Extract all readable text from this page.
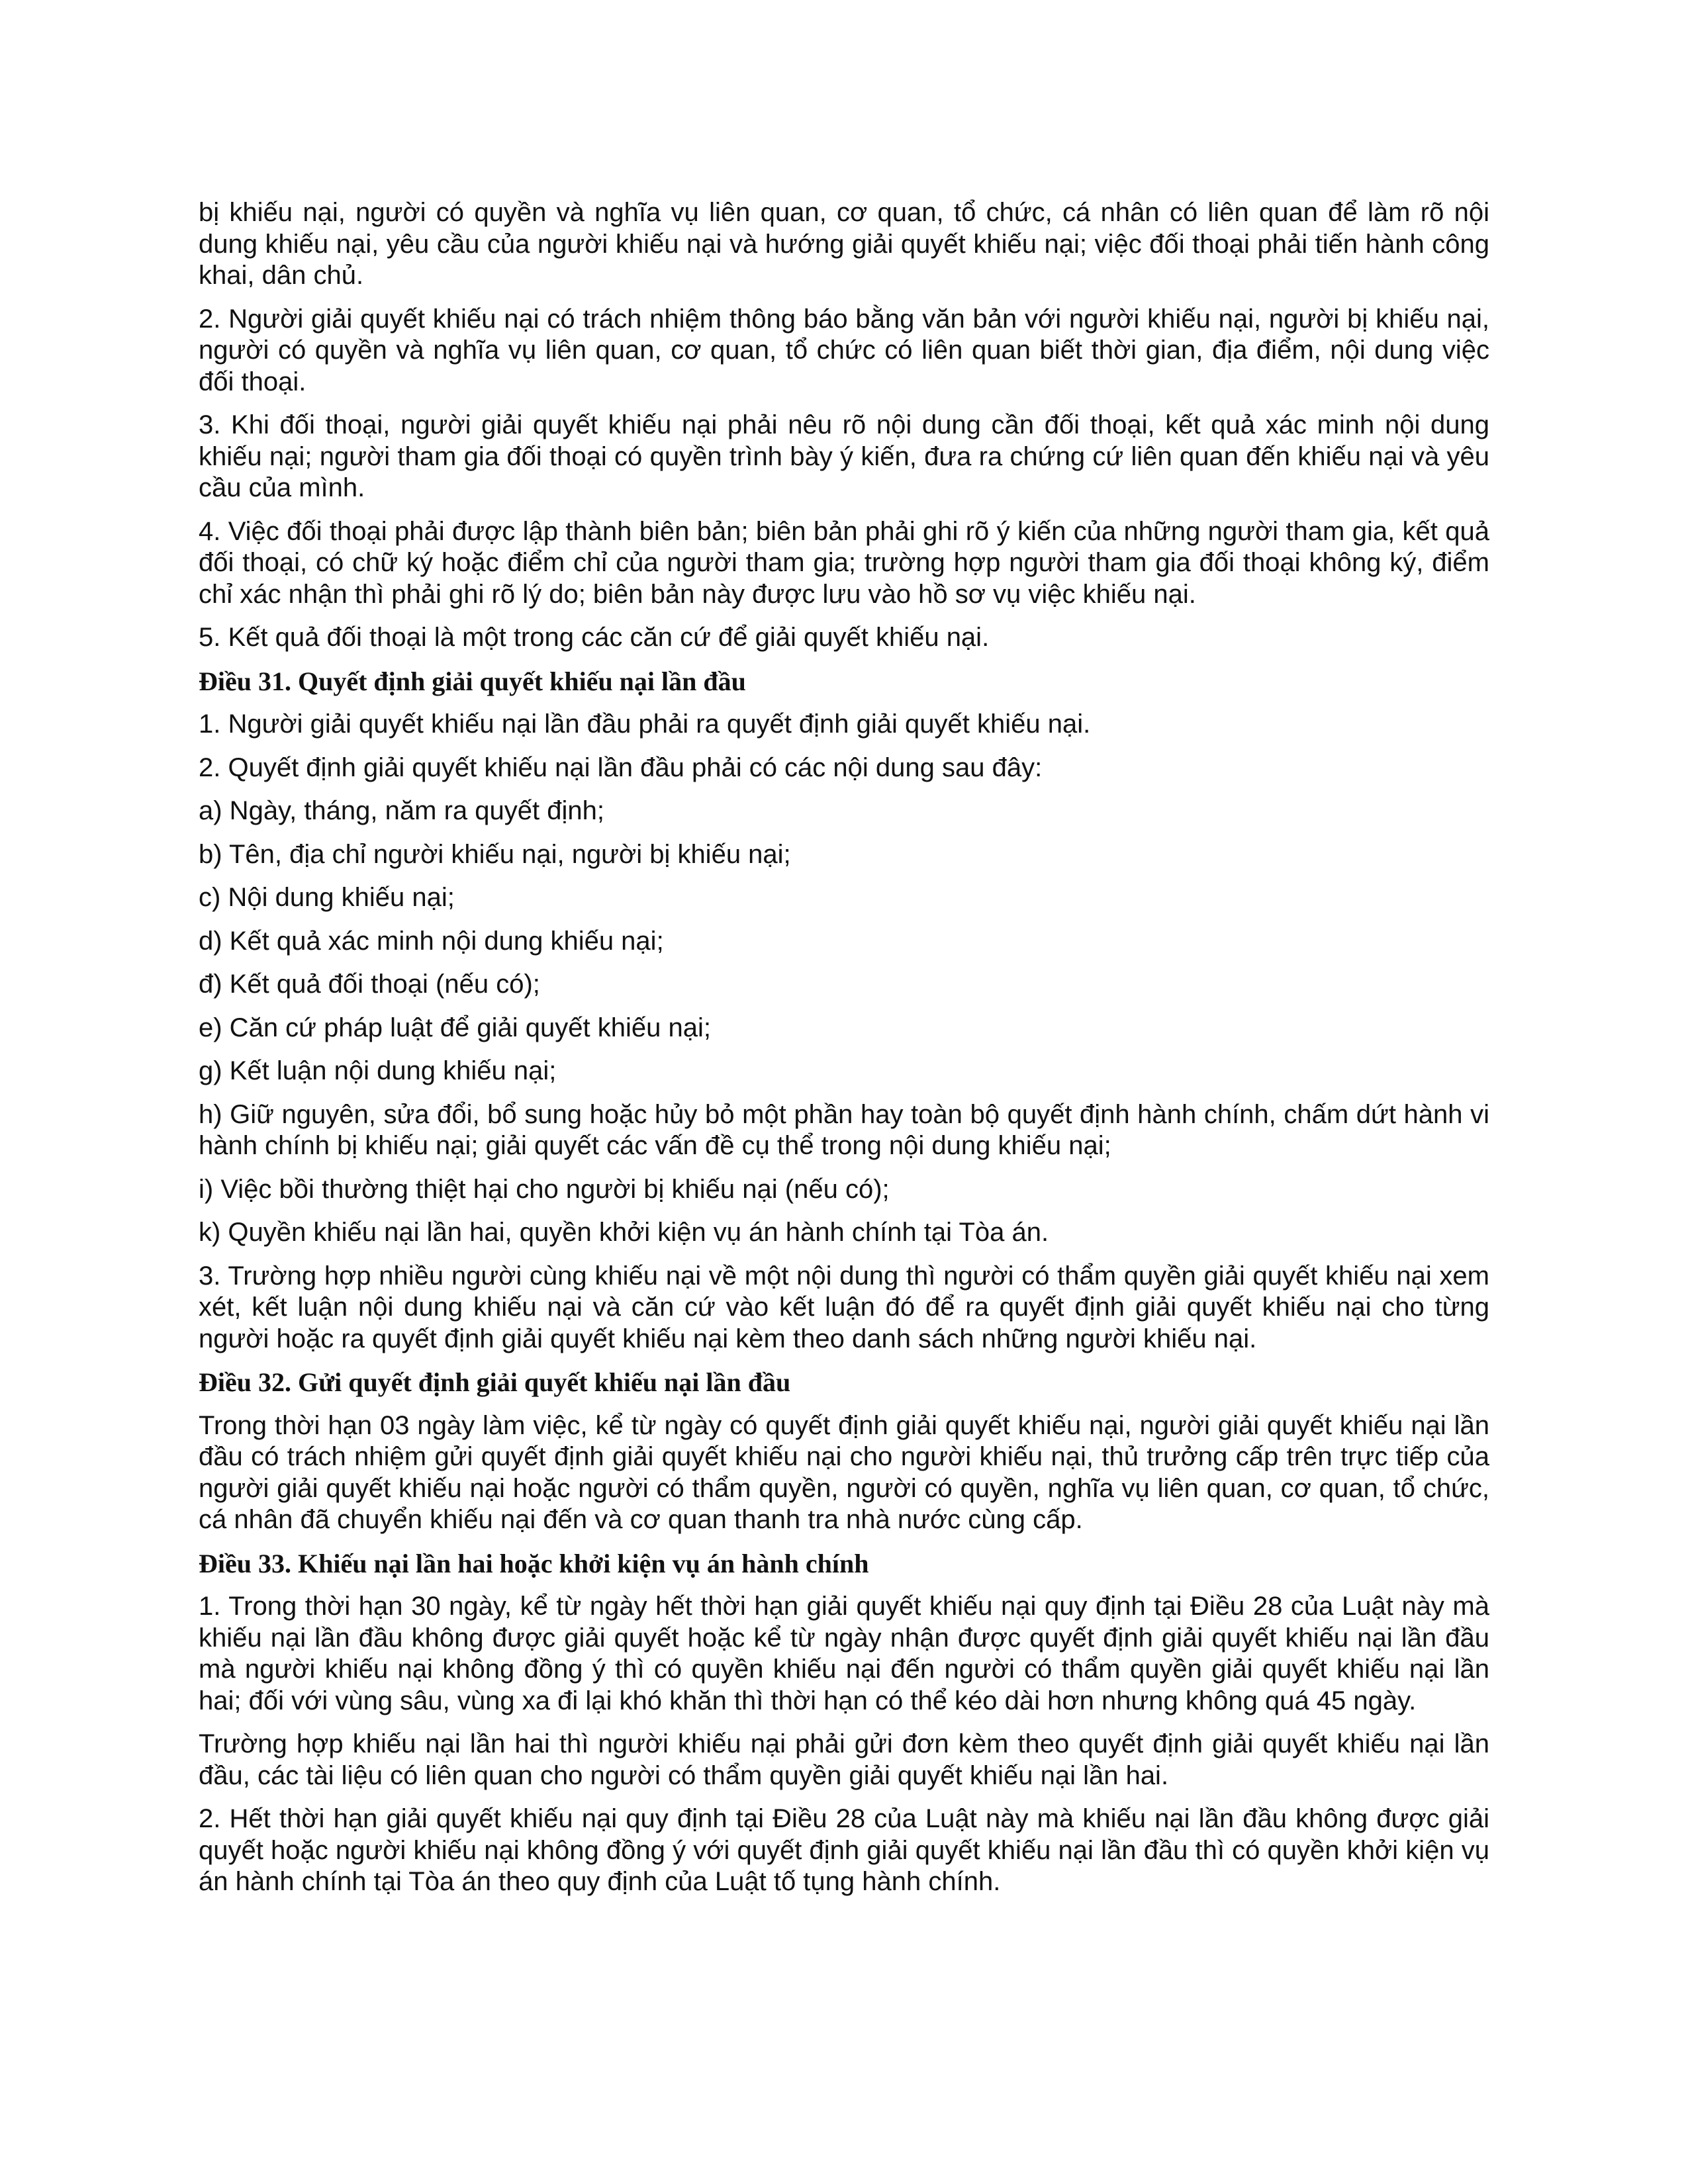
bị khiếu nại, người có quyền và nghĩa vụ liên quan, cơ quan, tổ chức, cá nhân có liên quan để làm rõ nội dung khiếu nại, yêu cầu của người khiếu nại và hướng giải quyết khiếu nại; việc đối thoại phải tiến hành công khai, dân chủ.

2. Người giải quyết khiếu nại có trách nhiệm thông báo bằng văn bản với người khiếu nại, người bị khiếu nại, người có quyền và nghĩa vụ liên quan, cơ quan, tổ chức có liên quan biết thời gian, địa điểm, nội dung việc đối thoại.

3. Khi đối thoại, người giải quyết khiếu nại phải nêu rõ nội dung cần đối thoại, kết quả xác minh nội dung khiếu nại; người tham gia đối thoại có quyền trình bày ý kiến, đưa ra chứng cứ liên quan đến khiếu nại và yêu cầu của mình.

4. Việc đối thoại phải được lập thành biên bản; biên bản phải ghi rõ ý kiến của những người tham gia, kết quả đối thoại, có chữ ký hoặc điểm chỉ của người tham gia; trường hợp người tham gia đối thoại không ký, điểm chỉ xác nhận thì phải ghi rõ lý do; biên bản này được lưu vào hồ sơ vụ việc khiếu nại.

5. Kết quả đối thoại là một trong các căn cứ để giải quyết khiếu nại.

Điều 31. Quyết định giải quyết khiếu nại lần đầu

1. Người giải quyết khiếu nại lần đầu phải ra quyết định giải quyết khiếu nại.

2. Quyết định giải quyết khiếu nại lần đầu phải có các nội dung sau đây:

a) Ngày, tháng, năm ra quyết định;

b) Tên, địa chỉ người khiếu nại, người bị khiếu nại;

c) Nội dung khiếu nại;

d) Kết quả xác minh nội dung khiếu nại;

đ) Kết quả đối thoại (nếu có);

e) Căn cứ pháp luật để giải quyết khiếu nại;

g) Kết luận nội dung khiếu nại;

h) Giữ nguyên, sửa đổi, bổ sung hoặc hủy bỏ một phần hay toàn bộ quyết định hành chính, chấm dứt hành vi hành chính bị khiếu nại; giải quyết các vấn đề cụ thể trong nội dung khiếu nại;

i) Việc bồi thường thiệt hại cho người bị khiếu nại (nếu có);

k) Quyền khiếu nại lần hai, quyền khởi kiện vụ án hành chính tại Tòa án.

3. Trường hợp nhiều người cùng khiếu nại về một nội dung thì người có thẩm quyền giải quyết khiếu nại xem xét, kết luận nội dung khiếu nại và căn cứ vào kết luận đó để ra quyết định giải quyết khiếu nại cho từng người hoặc ra quyết định giải quyết khiếu nại kèm theo danh sách những người khiếu nại.

Điều 32. Gửi quyết định giải quyết khiếu nại lần đầu

Trong thời hạn 03 ngày làm việc, kể từ ngày có quyết định giải quyết khiếu nại, người giải quyết khiếu nại lần đầu có trách nhiệm gửi quyết định giải quyết khiếu nại cho người khiếu nại, thủ trưởng cấp trên trực tiếp của người giải quyết khiếu nại hoặc người có thẩm quyền, người có quyền, nghĩa vụ liên quan, cơ quan, tổ chức, cá nhân đã chuyển khiếu nại đến và cơ quan thanh tra nhà nước cùng cấp.

Điều 33. Khiếu nại lần hai hoặc khởi kiện vụ án hành chính

1. Trong thời hạn 30 ngày, kể từ ngày hết thời hạn giải quyết khiếu nại quy định tại Điều 28 của Luật này mà khiếu nại lần đầu không được giải quyết hoặc kể từ ngày nhận được quyết định giải quyết khiếu nại lần đầu mà người khiếu nại không đồng ý thì có quyền khiếu nại đến người có thẩm quyền giải quyết khiếu nại lần hai; đối với vùng sâu, vùng xa đi lại khó khăn thì thời hạn có thể kéo dài hơn nhưng không quá 45 ngày.

Trường hợp khiếu nại lần hai thì người khiếu nại phải gửi đơn kèm theo quyết định giải quyết khiếu nại lần đầu, các tài liệu có liên quan cho người có thẩm quyền giải quyết khiếu nại lần hai.

2. Hết thời hạn giải quyết khiếu nại quy định tại Điều 28 của Luật này mà khiếu nại lần đầu không được giải quyết hoặc người khiếu nại không đồng ý với quyết định giải quyết khiếu nại lần đầu thì có quyền khởi kiện vụ án hành chính tại Tòa án theo quy định của Luật tố tụng hành chính.
